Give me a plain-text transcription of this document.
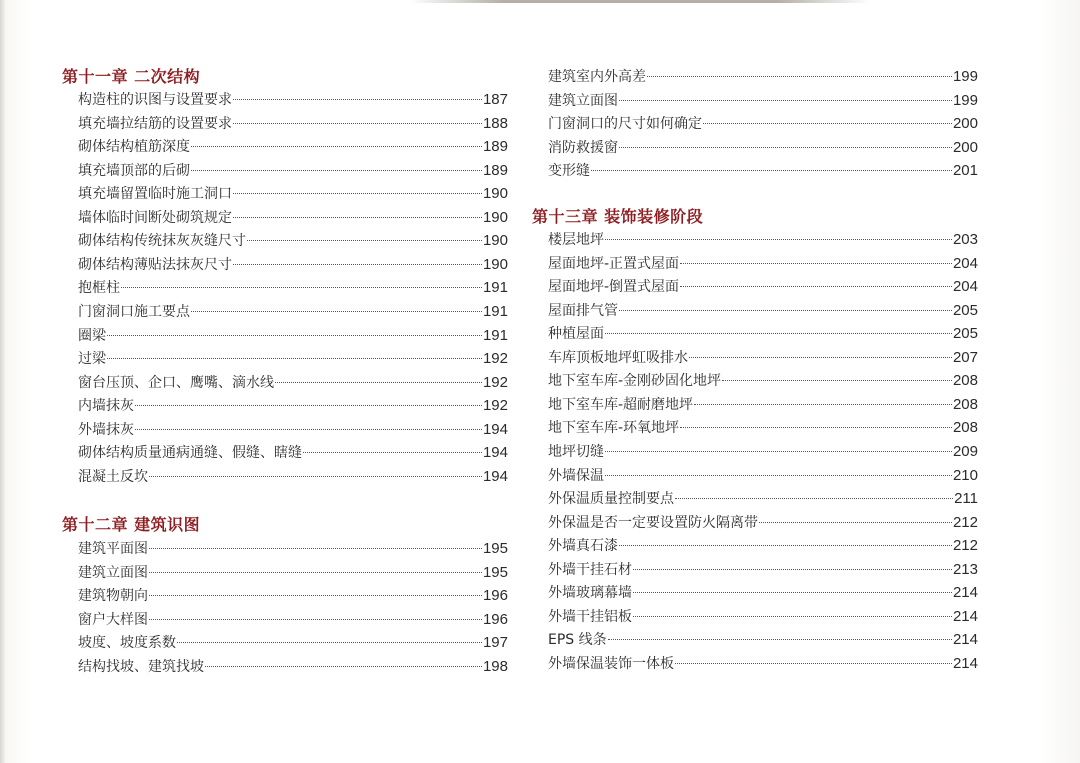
第十一章 二次结构
构造柱的识图与设置要求	187
填充墙拉结筋的设置要求	188
砌体结构植筋深度	189
填充墙顶部的后砌	189
填充墙留置临时施工洞口	190
墙体临时间断处砌筑规定	190
砌体结构传统抹灰灰缝尺寸	190
砌体结构薄贴法抹灰尺寸	190
抱框柱	191
门窗洞口施工要点	191
圈梁	191
过梁	192
窗台压顶、企口、鹰嘴、滴水线	192
内墙抹灰	192
外墙抹灰	194
砌体结构质量通病通缝、假缝、瞎缝	194
混凝土反坎	194
第十二章 建筑识图
建筑平面图	195
建筑立面图	195
建筑物朝向	196
窗户大样图	196
坡度、坡度系数	197
结构找坡、建筑找坡	198
建筑室内外高差	199
建筑立面图	199
门窗洞口的尺寸如何确定	200
消防救援窗	200
变形缝	201
第十三章 装饰装修阶段
楼层地坪	203
屋面地坪-正置式屋面	204
屋面地坪-倒置式屋面	204
屋面排气管	205
种植屋面	205
车库顶板地坪虹吸排水	207
地下室车库-金刚砂固化地坪	208
地下室车库-超耐磨地坪	208
地下室车库-环氧地坪	208
地坪切缝	209
外墙保温	210
外保温质量控制要点	211
外保温是否一定要设置防火隔离带	212
外墙真石漆	212
外墙干挂石材	213
外墙玻璃幕墙	214
外墙干挂铝板	214
EPS 线条	214
外墙保温装饰一体板	214
